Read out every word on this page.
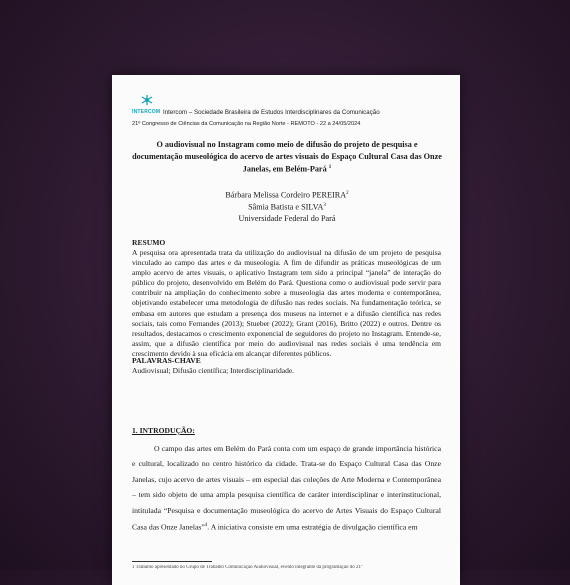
INTERCOM Intercom – Sociedade Brasileira de Estudos Interdisciplinares da Comunicação
21º Congresso de Ciências da Comunicação na Região Norte - REMOTO - 22 a 24/05/2024
O audiovisual no Instagram como meio de difusão do projeto de pesquisa e documentação museológica do acervo de artes visuais do Espaço Cultural Casa das Onze Janelas, em Belém-Pará $^1$
Bárbara Melissa Cordeiro PEREIRA$^2$
Sâmia Batista e SILVA$^3$
Universidade Federal do Pará
RESUMO
A pesquisa ora apresentada trata da utilização do audiovisual na difusão de um projeto de pesquisa vinculado ao campo das artes e da museologia. A fim de difundir as práticas museológicas de um amplo acervo de artes visuais, o aplicativo Instagram tem sido a principal “janela” de interação do público do projeto, desenvolvido em Belém do Pará. Questiona como o audiovisual pode servir para contribuir na ampliação do conhecimento sobre a museologia das artes moderna e contemporânea, objetivando estabelecer uma metodologia de difusão nas redes sociais. Na fundamentação teórica, se embasa em autores que estudam a presença dos museus na internet e a difusão científica nas redes sociais, tais como Fernandes (2013); Stueber (2022); Grant (2016), Britto (2022) e outros. Dentre os resultados, destacamos o crescimento exponencial de seguidores do projeto no Instagram. Entende-se, assim, que a difusão científica por meio do audiovisual nas redes sociais é uma tendência em crescimento devido à sua eficácia em alcançar diferentes públicos.
PALAVRAS-CHAVE
Audiovisual; Difusão científica; Interdisciplinaridade.
1. INTRODUÇÃO:
O campo das artes em Belém do Pará conta com um espaço de grande importância histórica e cultural, localizado no centro histórico da cidade. Trata-se do Espaço Cultural Casa das Onze Janelas, cujo acervo de artes visuais – em especial das coleções de Arte Moderna e Contemporânea – tem sido objeto de uma ampla pesquisa científica de caráter interdisciplinar e interinstitucional, intitulada “Pesquisa e documentação museológica do acervo de Artes Visuais do Espaço Cultural Casa das Onze Janelas”$^4$. A iniciativa consiste em uma estratégia de divulgação científica em
1 Trabalho apresentado no Grupo de Trabalho Comunicação Audiovisual, evento integrante da programação do 21º
